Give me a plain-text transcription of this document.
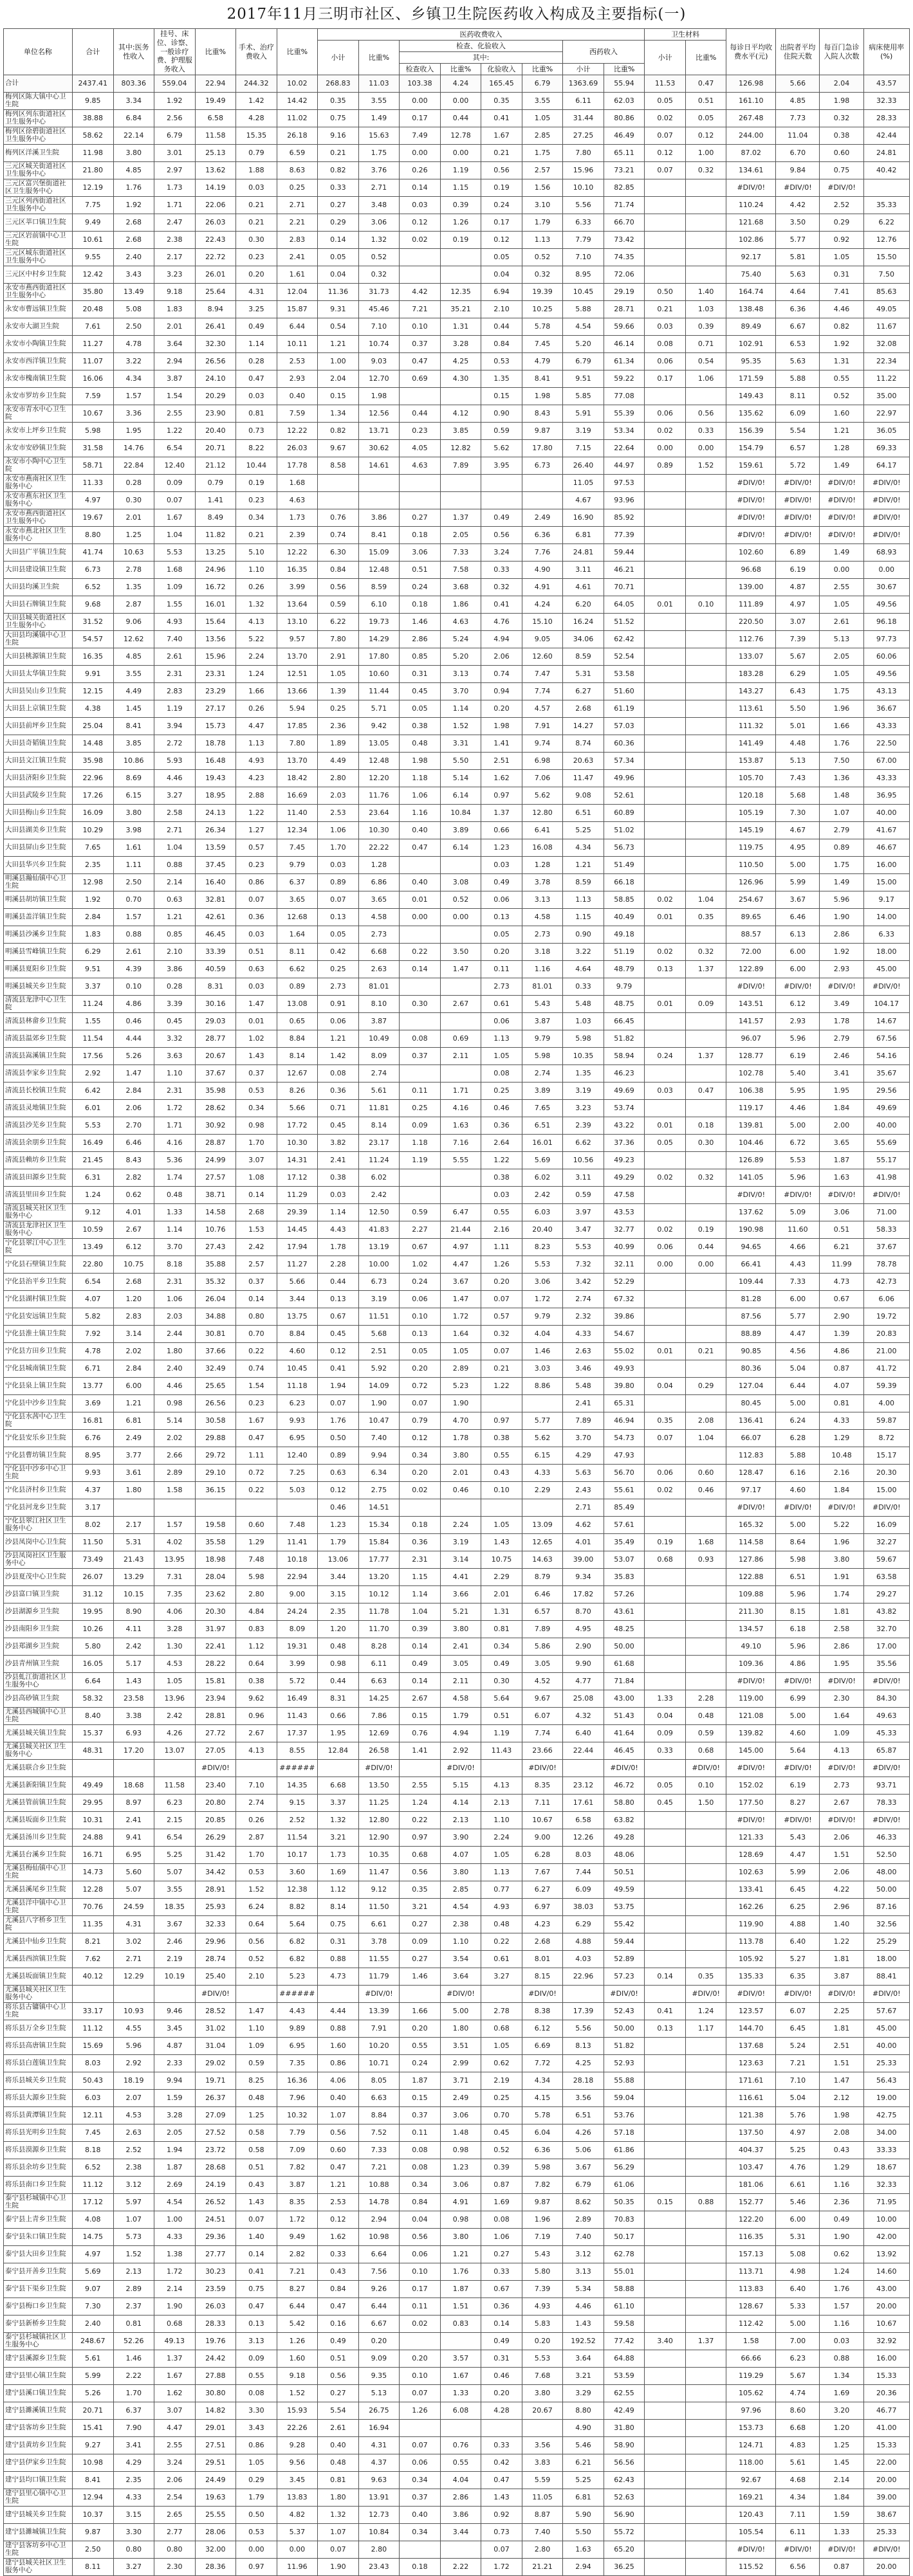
2017年11月三明市社区、乡镇卫生院医药收入构成及主要指标(一)
单位名称	合计	其中:医务性收入	挂号、床位、诊察、一般诊疗费、护理服务收入	比重%	手术、治疗费收入	比重%	医药收费收入								卫生材料		每诊日平均收费水平(元)	出院者平均住院天数	每百门急诊入院人次数	病床使用率(%)
							小计	比重%	检查、化验收入				西药收入		小计	比重%				
									其中:											
									检查收入	比重%	化验收入	比重%	小计	比重%						
合计	2437.41	803.36	559.04	22.94	244.32	10.02	268.83	11.03	103.38	4.24	165.45	6.79	1363.69	55.94	11.53	0.47	126.98	5.66	2.04	43.57
梅列区陈大镇中心卫生院	9.85	3.34	1.92	19.49	1.42	14.42	0.35	3.55	0.00	0.00	0.35	3.55	6.11	62.03	0.05	0.51	161.10	4.85	1.98	32.33
梅列区列东街道社区卫生服务中心	38.88	6.84	2.56	6.58	4.28	11.02	0.75	1.49	0.17	0.44	0.41	1.05	31.44	80.86	0.02	0.05	267.48	7.73	0.32	28.33
梅列区徐碧街道社区卫生服务中心	58.62	22.14	6.79	11.58	15.35	26.18	9.16	15.63	7.49	12.78	1.67	2.85	27.25	46.49	0.07	0.12	244.00	11.04	0.38	42.44
梅列区洋溪卫生院	11.98	3.80	3.01	25.13	0.79	6.59	0.21	1.75	0.00	0.00	0.21	1.75	7.80	65.11	0.12	1.00	87.02	6.70	0.60	24.81
三元区城关街道社区卫生服务中心	21.80	4.85	2.97	13.62	1.88	8.63	0.82	3.76	0.26	1.19	0.56	2.57	15.96	73.21	0.07	0.32	134.61	9.84	0.75	40.42
三元区富兴堡街道社区卫生服务中心	12.19	1.76	1.73	14.19	0.03	0.25	0.33	2.71	0.14	1.15	0.19	1.56	10.10	82.85			#DIV/0!	#DIV/0!	#DIV/0!	
三元区列西街道社区卫生服务中心	7.75	1.92	1.71	22.06	0.21	2.71	0.27	3.48	0.03	0.39	0.24	3.10	5.56	71.74			110.24	4.42	2.52	35.33
三元区莘口镇卫生院	9.49	2.68	2.47	26.03	0.21	2.21	0.29	3.06	0.12	1.26	0.17	1.79	6.33	66.70			121.68	3.50	0.29	6.22
三元区岩前镇中心卫生院	10.61	2.68	2.38	22.43	0.30	2.83	0.14	1.32	0.02	0.19	0.12	1.13	7.79	73.42			102.86	5.77	0.92	12.76
三元区城东街道社区卫生服务中心	9.55	2.40	2.17	22.72	0.23	2.41	0.05	0.52			0.05	0.52	7.10	74.35			92.17	5.81	1.05	15.50
三元区中村乡卫生院	12.42	3.43	3.23	26.01	0.20	1.61	0.04	0.32			0.04	0.32	8.95	72.06			75.40	5.63	0.31	7.50
永安市燕西街道社区卫生服务中心	35.80	13.49	9.18	25.64	4.31	12.04	11.36	31.73	4.42	12.35	6.94	19.39	10.45	29.19	0.50	1.40	164.74	4.64	7.41	85.63
永安市曹远镇卫生院	20.48	5.08	1.83	8.94	3.25	15.87	9.31	45.46	7.21	35.21	2.10	10.25	5.88	28.71	0.21	1.03	138.48	6.36	4.46	49.05
永安市大湖卫生院	7.61	2.50	2.01	26.41	0.49	6.44	0.54	7.10	0.10	1.31	0.44	5.78	4.54	59.66	0.03	0.39	89.49	6.67	0.82	11.67
永安市小陶镇卫生院	11.27	4.78	3.64	32.30	1.14	10.11	1.21	10.74	0.37	3.28	0.84	7.45	5.20	46.14	0.08	0.71	102.91	6.53	1.92	32.08
永安市西洋镇卫生院	11.07	3.22	2.94	26.56	0.28	2.53	1.00	9.03	0.47	4.25	0.53	4.79	6.79	61.34	0.06	0.54	95.35	5.63	1.31	22.34
永安市槐南镇卫生院	16.06	4.34	3.87	24.10	0.47	2.93	2.04	12.70	0.69	4.30	1.35	8.41	9.51	59.22	0.17	1.06	171.59	5.88	0.55	11.22
永安市罗坊乡卫生院	7.59	1.57	1.54	20.29	0.03	0.40	0.15	1.98			0.15	1.98	5.85	77.08			149.43	8.11	0.52	35.00
永安市青水中心卫生院	10.67	3.36	2.55	23.90	0.81	7.59	1.34	12.56	0.44	4.12	0.90	8.43	5.91	55.39	0.06	0.56	135.62	6.09	1.60	22.97
永安市上坪乡卫生院	5.98	1.95	1.22	20.40	0.73	12.22	0.82	13.71	0.23	3.85	0.59	9.87	3.19	53.34	0.02	0.33	156.39	5.54	1.21	36.05
永安市安砂镇卫生院	31.58	14.76	6.54	20.71	8.22	26.03	9.67	30.62	4.05	12.82	5.62	17.80	7.15	22.64	0.00	0.00	154.79	6.57	1.28	69.33
永安市小陶中心卫生院	58.71	22.84	12.40	21.12	10.44	17.78	8.58	14.61	4.63	7.89	3.95	6.73	26.40	44.97	0.89	1.52	159.61	5.72	1.49	64.17
永安市燕南社区卫生服务中心	11.33	0.28	0.09	0.79	0.19	1.68							11.05	97.53			#DIV/0!	#DIV/0!	#DIV/0!	#DIV/0!
永安市燕东社区卫生服务中心	4.97	0.30	0.07	1.41	0.23	4.63							4.67	93.96			#DIV/0!	#DIV/0!	#DIV/0!	#DIV/0!
永安市燕西街道社区卫生服务中心	19.67	2.01	1.67	8.49	0.34	1.73	0.76	3.86	0.27	1.37	0.49	2.49	16.90	85.92			#DIV/0!	#DIV/0!	#DIV/0!	#DIV/0!
永安市燕北社区卫生服务中心	8.80	1.25	1.04	11.82	0.21	2.39	0.74	8.41	0.18	2.05	0.56	6.36	6.81	77.39			#DIV/0!	#DIV/0!	#DIV/0!	#DIV/0!
大田县广平镇卫生院	41.74	10.63	5.53	13.25	5.10	12.22	6.30	15.09	3.06	7.33	3.24	7.76	24.81	59.44			102.60	6.89	1.49	68.93
大田县建设镇卫生院	6.73	2.78	1.68	24.96	1.10	16.35	0.84	12.48	0.51	7.58	0.33	4.90	3.11	46.21			96.68	6.19	0.00	0.00
大田县均溪卫生院	6.52	1.35	1.09	16.72	0.26	3.99	0.56	8.59	0.24	3.68	0.32	4.91	4.61	70.71			139.00	4.87	2.55	30.67
大田县石牌镇卫生院	9.68	2.87	1.55	16.01	1.32	13.64	0.59	6.10	0.18	1.86	0.41	4.24	6.20	64.05	0.01	0.10	111.89	4.97	1.05	49.56
大田县城关街道社区卫生服务中心	31.52	9.06	4.93	15.64	4.13	13.10	6.22	19.73	1.46	4.63	4.76	15.10	16.24	51.52			220.50	3.07	2.61	96.18
大田县均溪镇中心卫生院	54.57	12.62	7.40	13.56	5.22	9.57	7.80	14.29	2.86	5.24	4.94	9.05	34.06	62.42			112.76	7.39	5.13	97.73
大田县桃源镇卫生院	16.35	4.85	2.61	15.96	2.24	13.70	2.91	17.80	0.85	5.20	2.06	12.60	8.59	52.54			133.07	5.67	2.05	60.06
大田县太华镇卫生院	9.91	3.55	2.31	23.31	1.24	12.51	1.05	10.60	0.31	3.13	0.74	7.47	5.31	53.58			183.28	6.29	1.05	49.56
大田县吴山乡卫生院	12.15	4.49	2.83	23.29	1.66	13.66	1.39	11.44	0.45	3.70	0.94	7.74	6.27	51.60			143.27	6.43	1.75	43.13
大田县上京镇卫生院	4.38	1.45	1.19	27.17	0.26	5.94	0.25	5.71	0.05	1.14	0.20	4.57	2.68	61.19			113.61	5.50	1.96	36.67
大田县前坪乡卫生院	25.04	8.41	3.94	15.73	4.47	17.85	2.36	9.42	0.38	1.52	1.98	7.91	14.27	57.03			111.32	5.01	1.66	43.33
大田县奇韬镇卫生院	14.48	3.85	2.72	18.78	1.13	7.80	1.89	13.05	0.48	3.31	1.41	9.74	8.74	60.36			141.49	4.48	1.76	22.50
大田县文江镇卫生院	35.98	10.86	5.93	16.48	4.93	13.70	4.49	12.48	1.98	5.50	2.51	6.98	20.63	57.34			153.87	5.13	7.50	67.00
大田县济阳乡卫生院	22.96	8.69	4.46	19.43	4.23	18.42	2.80	12.20	1.18	5.14	1.62	7.06	11.47	49.96			105.70	7.43	1.36	43.33
大田县武陵乡卫生院	17.26	6.15	3.27	18.95	2.88	16.69	2.03	11.76	1.06	6.14	0.97	5.62	9.08	52.61			120.18	5.68	1.48	36.95
大田县梅山乡卫生院	16.09	3.80	2.58	24.13	1.22	11.40	2.53	23.64	1.16	10.84	1.37	12.80	6.51	60.89			105.19	7.30	1.07	40.00
大田县湖美乡卫生院	10.29	3.98	2.71	26.34	1.27	12.34	1.06	10.30	0.40	3.89	0.66	6.41	5.25	51.02			145.19	4.67	2.79	41.67
大田县屏山乡卫生院	7.65	1.61	1.04	13.59	0.57	7.45	1.70	22.22	0.47	6.14	1.23	16.08	4.34	56.73			119.75	4.95	0.89	46.67
大田县华兴乡卫生院	2.35	1.11	0.88	37.45	0.23	9.79	0.03	1.28			0.03	1.28	1.21	51.49			110.50	5.00	1.75	16.00
明溪县瀚仙镇中心卫生院	12.98	2.50	2.14	16.40	0.86	6.37	0.89	6.86	0.40	3.08	0.49	3.78	8.59	66.18			126.96	5.99	1.49	15.00
明溪县胡坊镇卫生院	1.92	0.70	0.63	32.81	0.07	3.65	0.07	3.65	0.01	0.52	0.06	3.13	1.13	58.85	0.02	1.04	254.67	3.67	5.96	9.17
明溪县盖洋镇卫生院	2.84	1.57	1.21	42.61	0.36	12.68	0.13	4.58	0.00	0.00	0.13	4.58	1.15	40.49	0.01	0.35	89.65	6.46	1.90	14.00
明溪县沙溪乡卫生院	1.83	0.88	0.85	46.45	0.03	1.64	0.05	2.73			0.05	2.73	0.90	49.18			88.57	6.13	2.86	6.33
明溪县雪峰镇卫生院	6.29	2.61	2.10	33.39	0.51	8.11	0.42	6.68	0.22	3.50	0.20	3.18	3.22	51.19	0.02	0.32	72.00	6.00	1.92	18.00
明溪县夏阳乡卫生院	9.51	4.39	3.86	40.59	0.63	6.62	0.25	2.63	0.14	1.47	0.11	1.16	4.64	48.79	0.13	1.37	122.89	6.00	2.93	45.00
明溪县城关乡卫生院	3.37	0.10	0.28	8.31	0.03	0.89	2.73	81.01			2.73	81.01	0.33	9.79			#DIV/0!	#DIV/0!	#DIV/0!	#DIV/0!
清流县龙津中心卫生院	11.24	4.86	3.39	30.16	1.47	13.08	0.91	8.10	0.30	2.67	0.61	5.43	5.48	48.75	0.01	0.09	143.51	6.12	3.49	104.17
清流县林畲乡卫生院	1.55	0.46	0.45	29.03	0.01	0.65	0.06	3.87			0.06	3.87	1.03	66.45			141.57	2.93	1.78	14.67
清流县温郊乡卫生院	11.54	4.44	3.32	28.77	1.02	8.84	1.21	10.49	0.08	0.69	1.13	9.79	5.98	51.82			96.07	5.96	2.79	67.56
清流县嵩溪镇卫生院	17.56	5.26	3.63	20.67	1.43	8.14	1.42	8.09	0.37	2.11	1.05	5.98	10.35	58.94	0.24	1.37	128.77	6.19	2.46	54.16
清流县李家乡卫生院	2.92	1.47	1.10	37.67	0.37	12.67	0.08	2.74			0.08	2.74	1.35	46.23			102.78	5.40	3.41	35.67
清流县长校镇卫生院	6.42	2.84	2.31	35.98	0.53	8.26	0.36	5.61	0.11	1.71	0.25	3.89	3.19	49.69	0.03	0.47	106.38	5.95	1.95	29.56
清流县灵地镇卫生院	6.01	2.06	1.72	28.62	0.34	5.66	0.71	11.81	0.25	4.16	0.46	7.65	3.23	53.74			119.17	4.46	1.84	49.69
清流县沙芜乡卫生院	5.53	2.70	1.71	30.92	0.98	17.72	0.45	8.14	0.09	1.63	0.36	6.51	2.39	43.22	0.01	0.18	139.81	5.00	2.00	40.00
清流县余朋乡卫生院	16.49	6.46	4.16	28.87	1.70	10.30	3.82	23.17	1.18	7.16	2.64	16.01	6.62	37.36	0.05	0.30	104.46	6.72	3.65	55.69
清流县赖坊乡卫生院	21.45	8.43	5.36	24.99	3.07	14.31	2.41	11.24	1.19	5.55	1.22	5.69	10.56	49.23			126.89	5.53	1.87	55.17
清流县田源乡卫生院	6.31	2.82	1.74	27.57	1.08	17.12	0.38	6.02			0.38	6.02	3.11	49.29	0.02	0.32	141.05	5.96	1.63	41.98
清流县里田乡卫生院	1.24	0.62	0.48	38.71	0.14	11.29	0.03	2.42			0.03	2.42	0.59	47.58			#DIV/0!	#DIV/0!	#DIV/0!	#DIV/0!
清流县城关社区卫生服务中心	9.12	4.01	1.33	14.58	2.68	29.39	1.14	12.50	0.59	6.47	0.55	6.03	3.97	43.53			137.62	5.09	3.06	71.00
清流县龙津社区卫生服务中心	10.59	2.67	1.14	10.76	1.53	14.45	4.43	41.83	2.27	21.44	2.16	20.40	3.47	32.77	0.02	0.19	190.98	11.60	0.51	58.33
宁化县翠江中心卫生院	13.49	6.12	3.70	27.43	2.42	17.94	1.78	13.19	0.67	4.97	1.11	8.23	5.53	40.99	0.06	0.44	94.65	4.66	6.21	37.67
宁化县石壁镇卫生院	22.80	10.75	8.18	35.88	2.57	11.27	2.28	10.00	1.02	4.47	1.26	5.53	7.32	32.11	0.00	0.00	66.41	4.43	11.99	78.78
宁化县治平乡卫生院	6.54	2.68	2.31	35.32	0.37	5.66	0.44	6.73	0.24	3.67	0.20	3.06	3.42	52.29			109.44	7.33	4.73	42.73
宁化县湖村镇卫生院	4.07	1.20	1.06	26.04	0.14	3.44	0.13	3.19	0.06	1.47	0.07	1.72	2.74	67.32			81.28	6.00	0.67	6.06
宁化县安远镇卫生院	5.82	2.83	2.03	34.88	0.80	13.75	0.67	11.51	0.10	1.72	0.57	9.79	2.32	39.86			87.56	5.77	2.90	19.72
宁化县淮土镇卫生院	7.92	3.14	2.44	30.81	0.70	8.84	0.45	5.68	0.13	1.64	0.32	4.04	4.33	54.67			88.89	4.47	1.39	20.83
宁化县方田乡卫生院	4.78	2.02	1.80	37.66	0.22	4.60	0.12	2.51	0.05	1.05	0.07	1.46	2.63	55.02	0.01	0.21	90.85	4.56	4.86	21.00
宁化县城南镇卫生院	6.71	2.84	2.40	32.49	0.74	10.45	0.41	5.92	0.20	2.89	0.21	3.03	3.46	49.93			80.36	5.04	0.87	41.72
宁化县泉上镇卫生院	13.77	6.00	4.46	25.65	1.54	11.18	1.94	14.09	0.72	5.23	1.22	8.86	5.48	39.80	0.04	0.29	127.04	6.44	4.07	59.39
宁化县中沙乡卫生院	3.69	1.21	0.98	26.56	0.23	6.23	0.07	1.90	0.07	1.90			2.41	65.31			80.45	5.00	0.81	4.00
宁化县水茜中心卫生院	16.81	6.81	5.14	30.58	1.67	9.93	1.76	10.47	0.79	4.70	0.97	5.77	7.89	46.94	0.35	2.08	136.41	6.24	4.33	59.87
宁化县安乐乡卫生院	6.76	2.49	2.02	29.88	0.47	6.95	0.50	7.40	0.12	1.78	0.38	5.62	3.70	54.73	0.07	1.04	66.07	6.28	1.29	8.72
宁化县曹坊镇卫生院	8.95	3.77	2.66	29.72	1.11	12.40	0.89	9.94	0.34	3.80	0.55	6.15	4.29	47.93			112.83	5.88	10.48	15.17
宁化县中沙乡中心卫生院	9.93	3.61	2.89	29.10	0.72	7.25	0.63	6.34	0.20	2.01	0.43	4.33	5.63	56.70	0.06	0.60	128.47	6.16	2.16	20.30
宁化县济村乡卫生院	4.37	1.80	1.58	36.15	0.22	5.03	0.12	2.75	0.02	0.46	0.10	2.29	2.43	55.61	0.02	0.46	97.17	4.60	1.84	15.00
宁化县河龙乡卫生院	3.17						0.46	14.51					2.71	85.49			#DIV/0!	#DIV/0!	#DIV/0!	#DIV/0!
宁化县翠江社区卫生服务中心	8.02	2.17	1.57	19.58	0.60	7.48	1.23	15.34	0.18	2.24	1.05	13.09	4.62	57.61			165.32	5.00	5.22	16.09
沙县凤岗中心卫生院	11.50	5.31	4.02	35.58	1.29	11.41	1.79	15.84	0.36	3.19	1.43	12.65	4.01	35.49	0.19	1.68	114.58	8.64	1.96	32.27
沙县凤岗社区卫生服务中心	73.49	21.43	13.95	18.98	7.48	10.18	13.06	17.77	2.31	3.14	10.75	14.63	39.00	53.07	0.68	0.93	127.86	5.98	3.80	59.67
沙县夏茂中心卫生院	26.07	13.29	7.31	28.04	5.98	22.94	3.44	13.20	1.15	4.41	2.29	8.79	9.34	35.83			122.88	6.51	1.91	63.58
沙县富口镇卫生院	31.12	10.15	7.35	23.62	2.80	9.00	3.15	10.12	1.14	3.66	2.01	6.46	17.82	57.26			109.88	5.96	1.74	29.27
沙县湖源乡卫生院	19.95	8.90	4.06	20.30	4.84	24.24	2.35	11.78	1.04	5.21	1.31	6.57	8.70	43.61			211.30	8.15	1.81	43.82
沙县南阳乡卫生院	10.26	4.11	3.28	31.97	0.83	8.09	1.20	11.70	0.39	3.80	0.81	7.89	4.95	48.25			134.57	6.18	2.58	32.70
沙县郑湖乡卫生院	5.80	2.42	1.30	22.41	1.12	19.31	0.48	8.28	0.14	2.41	0.34	5.86	2.90	50.00			49.10	5.96	2.86	17.00
沙县青州镇卫生院	16.05	5.17	4.53	28.22	0.64	3.99	0.98	6.11	0.49	3.05	0.49	3.05	9.90	61.68			109.36	4.86	1.95	35.56
沙县虬江街道社区卫生服务中心	6.64	1.43	1.05	15.81	0.38	5.72	0.44	6.63	0.14	2.11	0.30	4.52	4.77	71.84			#DIV/0!	#DIV/0!	#DIV/0!	#DIV/0!
沙县高砂镇卫生院	58.32	23.58	13.96	23.94	9.62	16.49	8.31	14.25	2.67	4.58	5.64	9.67	25.08	43.00	1.33	2.28	119.00	6.99	2.30	84.30
尤溪县西城镇中心卫生院	8.40	3.38	2.42	28.81	0.96	11.43	0.66	7.86	0.15	1.79	0.51	6.07	4.32	51.43	0.04	0.48	121.08	5.00	1.64	49.63
尤溪县城关镇卫生院	15.37	6.93	4.26	27.72	2.67	17.37	1.95	12.69	0.76	4.94	1.19	7.74	6.40	41.64	0.09	0.59	139.82	4.60	1.09	45.33
尤溪县城关社区卫生服务中心	48.31	17.20	13.07	27.05	4.13	8.55	12.84	26.58	1.41	2.92	11.43	23.66	22.44	46.45	0.33	0.68	145.00	5.64	4.13	65.87
尤溪县联合乡卫生院				#DIV/0!		######		#DIV/0!		#DIV/0!		#DIV/0!		#DIV/0!		#DIV/0!	#DIV/0!	#DIV/0!	#DIV/0!	#DIV/0!
尤溪县新阳镇卫生院	49.49	18.68	11.58	23.40	7.10	14.35	6.68	13.50	2.55	5.15	4.13	8.35	23.12	46.72	0.05	0.10	152.02	6.19	2.73	93.71
尤溪县管前镇卫生院	29.95	8.97	6.23	20.80	2.74	9.15	3.37	11.25	1.24	4.14	2.13	7.11	17.61	58.80	0.45	1.50	177.50	8.27	2.67	78.33
尤溪县坂面乡卫生院	10.31	2.41	2.15	20.85	0.26	2.52	1.32	12.80	0.22	2.13	1.10	10.67	6.58	63.82			#DIV/0!	#DIV/0!	#DIV/0!	#DIV/0!
尤溪县汤川乡卫生院	24.88	9.41	6.54	26.29	2.87	11.54	3.21	12.90	0.97	3.90	2.24	9.00	12.26	49.28			121.33	5.43	2.06	46.33
尤溪县台溪乡卫生院	16.71	6.95	5.25	31.42	1.70	10.17	1.73	10.35	0.68	4.07	1.05	6.28	8.03	48.06			128.69	4.47	1.51	52.50
尤溪县梅仙镇中心卫生院	14.73	5.60	5.07	34.42	0.53	3.60	1.69	11.47	0.56	3.80	1.13	7.67	7.44	50.51			102.63	5.99	2.06	48.00
尤溪县溪尾乡卫生院	12.28	5.07	3.55	28.91	1.52	12.38	1.12	9.12	0.35	2.85	0.77	6.27	6.09	49.59			133.41	6.45	4.22	50.00
尤溪县洋中镇中心卫生院	70.76	24.59	18.35	25.93	6.24	8.82	8.14	11.50	3.21	4.54	4.93	6.97	38.03	53.75			162.26	6.25	2.96	87.16
尤溪县八字桥乡卫生院	11.35	4.31	3.67	32.33	0.64	5.64	0.75	6.61	0.27	2.38	0.48	4.23	6.29	55.42			119.90	4.88	1.40	32.56
尤溪县中仙乡卫生院	8.21	3.02	2.46	29.96	0.56	6.82	0.31	3.78	0.09	1.10	0.22	2.68	4.88	59.44			113.78	6.40	1.22	25.29
尤溪县西滨镇卫生院	7.62	2.71	2.19	28.74	0.52	6.82	0.88	11.55	0.27	3.54	0.61	8.01	4.03	52.89			105.92	5.27	1.81	18.00
尤溪县坂面镇卫生院	40.12	12.29	10.19	25.40	2.10	5.23	4.73	11.79	1.46	3.64	3.27	8.15	22.96	57.23	0.14	0.35	135.33	6.35	3.87	88.41
尤溪县城关社区卫生服务中心				#DIV/0!		######		#DIV/0!		#DIV/0!		#DIV/0!		#DIV/0!		#DIV/0!	#DIV/0!	#DIV/0!	#DIV/0!	#DIV/0!
将乐县古镛镇中心卫生院	33.17	10.93	9.46	28.52	1.47	4.43	4.44	13.39	1.66	5.00	2.78	8.38	17.39	52.43	0.41	1.24	123.57	6.07	2.25	57.67
将乐县万全乡卫生院	11.12	4.55	3.45	31.02	1.10	9.89	0.88	7.91	0.20	1.80	0.68	6.12	5.56	50.00	0.13	1.17	144.70	6.45	1.81	45.00
将乐县高唐镇卫生院	15.69	5.96	4.87	31.04	1.09	6.95	1.60	10.20	0.55	3.51	1.05	6.69	8.13	51.82			137.68	5.24	2.51	40.00
将乐县白莲镇卫生院	8.03	2.92	2.33	29.02	0.59	7.35	0.86	10.71	0.24	2.99	0.62	7.72	4.25	52.93			123.63	7.21	1.51	25.33
将乐县城关乡卫生院	50.43	18.19	9.94	19.71	8.25	16.36	4.06	8.05	1.87	3.71	2.19	4.34	28.18	55.88			171.61	7.10	1.47	56.43
将乐县大源乡卫生院	6.03	2.07	1.59	26.37	0.48	7.96	0.40	6.63	0.15	2.49	0.25	4.15	3.56	59.04			116.61	5.04	2.12	19.00
将乐县黄潭镇卫生院	12.11	4.53	3.28	27.09	1.25	10.32	1.07	8.84	0.37	3.06	0.70	5.78	6.51	53.76			121.38	5.76	1.98	42.75
将乐县光明乡卫生院	7.45	2.63	2.05	27.52	0.58	7.79	0.56	7.52	0.11	1.48	0.45	6.04	4.26	57.18			137.50	4.97	2.08	34.00
将乐县漠源乡卫生院	8.18	2.52	1.94	23.72	0.58	7.09	0.60	7.33	0.08	0.98	0.52	6.36	5.06	61.86			404.37	5.25	0.43	33.33
将乐县余坊乡卫生院	6.52	2.38	1.87	28.68	0.51	7.82	0.47	7.21	0.08	1.23	0.39	5.98	3.67	56.29			103.47	4.76	1.29	18.67
将乐县南口乡卫生院	11.12	3.12	2.69	24.19	0.43	3.87	1.21	10.88	0.34	3.06	0.87	7.82	6.79	61.06			181.06	6.61	1.16	32.33
泰宁县杉城镇中心卫生院	17.12	5.97	4.54	26.52	1.43	8.35	2.53	14.78	0.84	4.91	1.69	9.87	8.62	50.35	0.15	0.88	152.77	5.46	2.36	71.95
泰宁县上青乡卫生院	4.08	1.07	1.00	24.51	0.07	1.72	0.12	2.94	0.04	0.98	0.08	1.96	2.89	70.83			122.20	6.00	0.49	10.00
泰宁县朱口镇卫生院	14.75	5.73	4.33	29.36	1.40	9.49	1.62	10.98	0.56	3.80	1.06	7.19	7.40	50.17			116.35	5.31	1.90	42.00
泰宁县大田乡卫生院	4.97	1.52	1.38	27.77	0.14	2.82	0.33	6.64	0.06	1.21	0.27	5.43	3.12	62.78			157.13	5.08	0.62	13.92
泰宁县开善乡卫生院	5.69	2.13	1.72	30.23	0.41	7.21	0.43	7.56	0.10	1.76	0.33	5.80	3.13	55.01			113.71	4.98	1.24	14.60
泰宁县下渠乡卫生院	9.07	2.89	2.14	23.59	0.75	8.27	0.84	9.26	0.17	1.87	0.67	7.39	5.34	58.88			113.83	6.40	1.76	43.00
泰宁县梅口乡卫生院	7.30	2.37	1.90	26.03	0.47	6.44	0.47	6.44	0.11	1.51	0.36	4.93	4.46	61.10			128.67	5.33	1.57	20.00
泰宁县新桥乡卫生院	2.40	0.81	0.68	28.33	0.13	5.42	0.16	6.67	0.02	0.83	0.14	5.83	1.43	59.58			112.42	5.00	1.16	10.67
泰宁县杉城镇社区卫生服务中心	248.67	52.26	49.13	19.76	3.13	1.26	0.49	0.20			0.49	0.20	192.52	77.42	3.40	1.37	1.58	7.00	0.03	32.92
建宁县溪源乡卫生院	5.61	1.46	1.37	24.42	0.09	1.60	0.51	9.09	0.20	3.57	0.31	5.53	3.64	64.88			66.66	6.23	0.88	16.00
建宁县里心镇卫生院	5.99	2.22	1.67	27.88	0.55	9.18	0.56	9.35	0.10	1.67	0.46	7.68	3.21	53.59			119.29	5.67	1.34	15.33
建宁县溪口镇卫生院	5.26	1.70	1.62	30.80	0.08	1.52	0.27	5.13	0.07	1.33	0.20	3.80	3.29	62.55			105.62	4.74	1.69	20.36
建宁县濉溪镇卫生院	20.71	6.37	3.07	14.82	3.30	15.93	5.54	26.75	1.26	6.08	4.28	20.67	8.80	42.49			97.96	8.60	3.20	46.77
建宁县客坊乡卫生院	15.41	7.90	4.47	29.01	3.43	22.26	2.61	16.94					4.90	31.80			153.73	6.68	1.20	41.00
建宁县黄坊乡卫生院	9.27	3.41	2.55	27.51	0.86	9.28	0.40	4.31	0.07	0.76	0.33	3.56	5.46	58.90			124.71	4.83	1.25	15.33
建宁县伊家乡卫生院	10.98	4.29	3.24	29.51	1.05	9.56	0.48	4.37	0.06	0.55	0.42	3.83	6.21	56.56			118.00	5.61	1.45	22.00
建宁县均口镇卫生院	8.41	2.35	2.06	24.49	0.29	3.45	0.81	9.63	0.34	4.04	0.47	5.59	5.25	62.43			92.67	4.68	2.14	20.00
建宁县里心镇中心卫生院	12.94	4.33	2.54	19.63	1.79	13.83	1.80	13.91	0.37	2.86	1.43	11.05	6.81	52.63			169.21	4.34	1.84	39.00
建宁县城关乡卫生院	10.37	3.15	2.65	25.55	0.50	4.82	1.32	12.73	0.40	3.86	0.92	8.87	5.90	56.90			120.43	7.11	1.59	38.67
建宁县濉城镇卫生院	9.87	3.30	2.77	28.06	0.53	5.37	1.07	10.84	0.34	3.44	0.73	7.40	5.50	55.72			105.54	6.11	1.33	25.33
建宁县客坊乡中心卫生院	2.50	0.80	0.80	32.00	0.00	0.00	0.07	2.80			0.07	2.80	1.63	65.20			#DIV/0!	#DIV/0!	#DIV/0!	#DIV/0!
建宁县城关社区卫生服务中心	8.11	3.27	2.30	28.36	0.97	11.96	1.90	23.43	0.18	2.22	1.72	21.21	2.94	36.25			115.52	6.56	0.87	20.00
